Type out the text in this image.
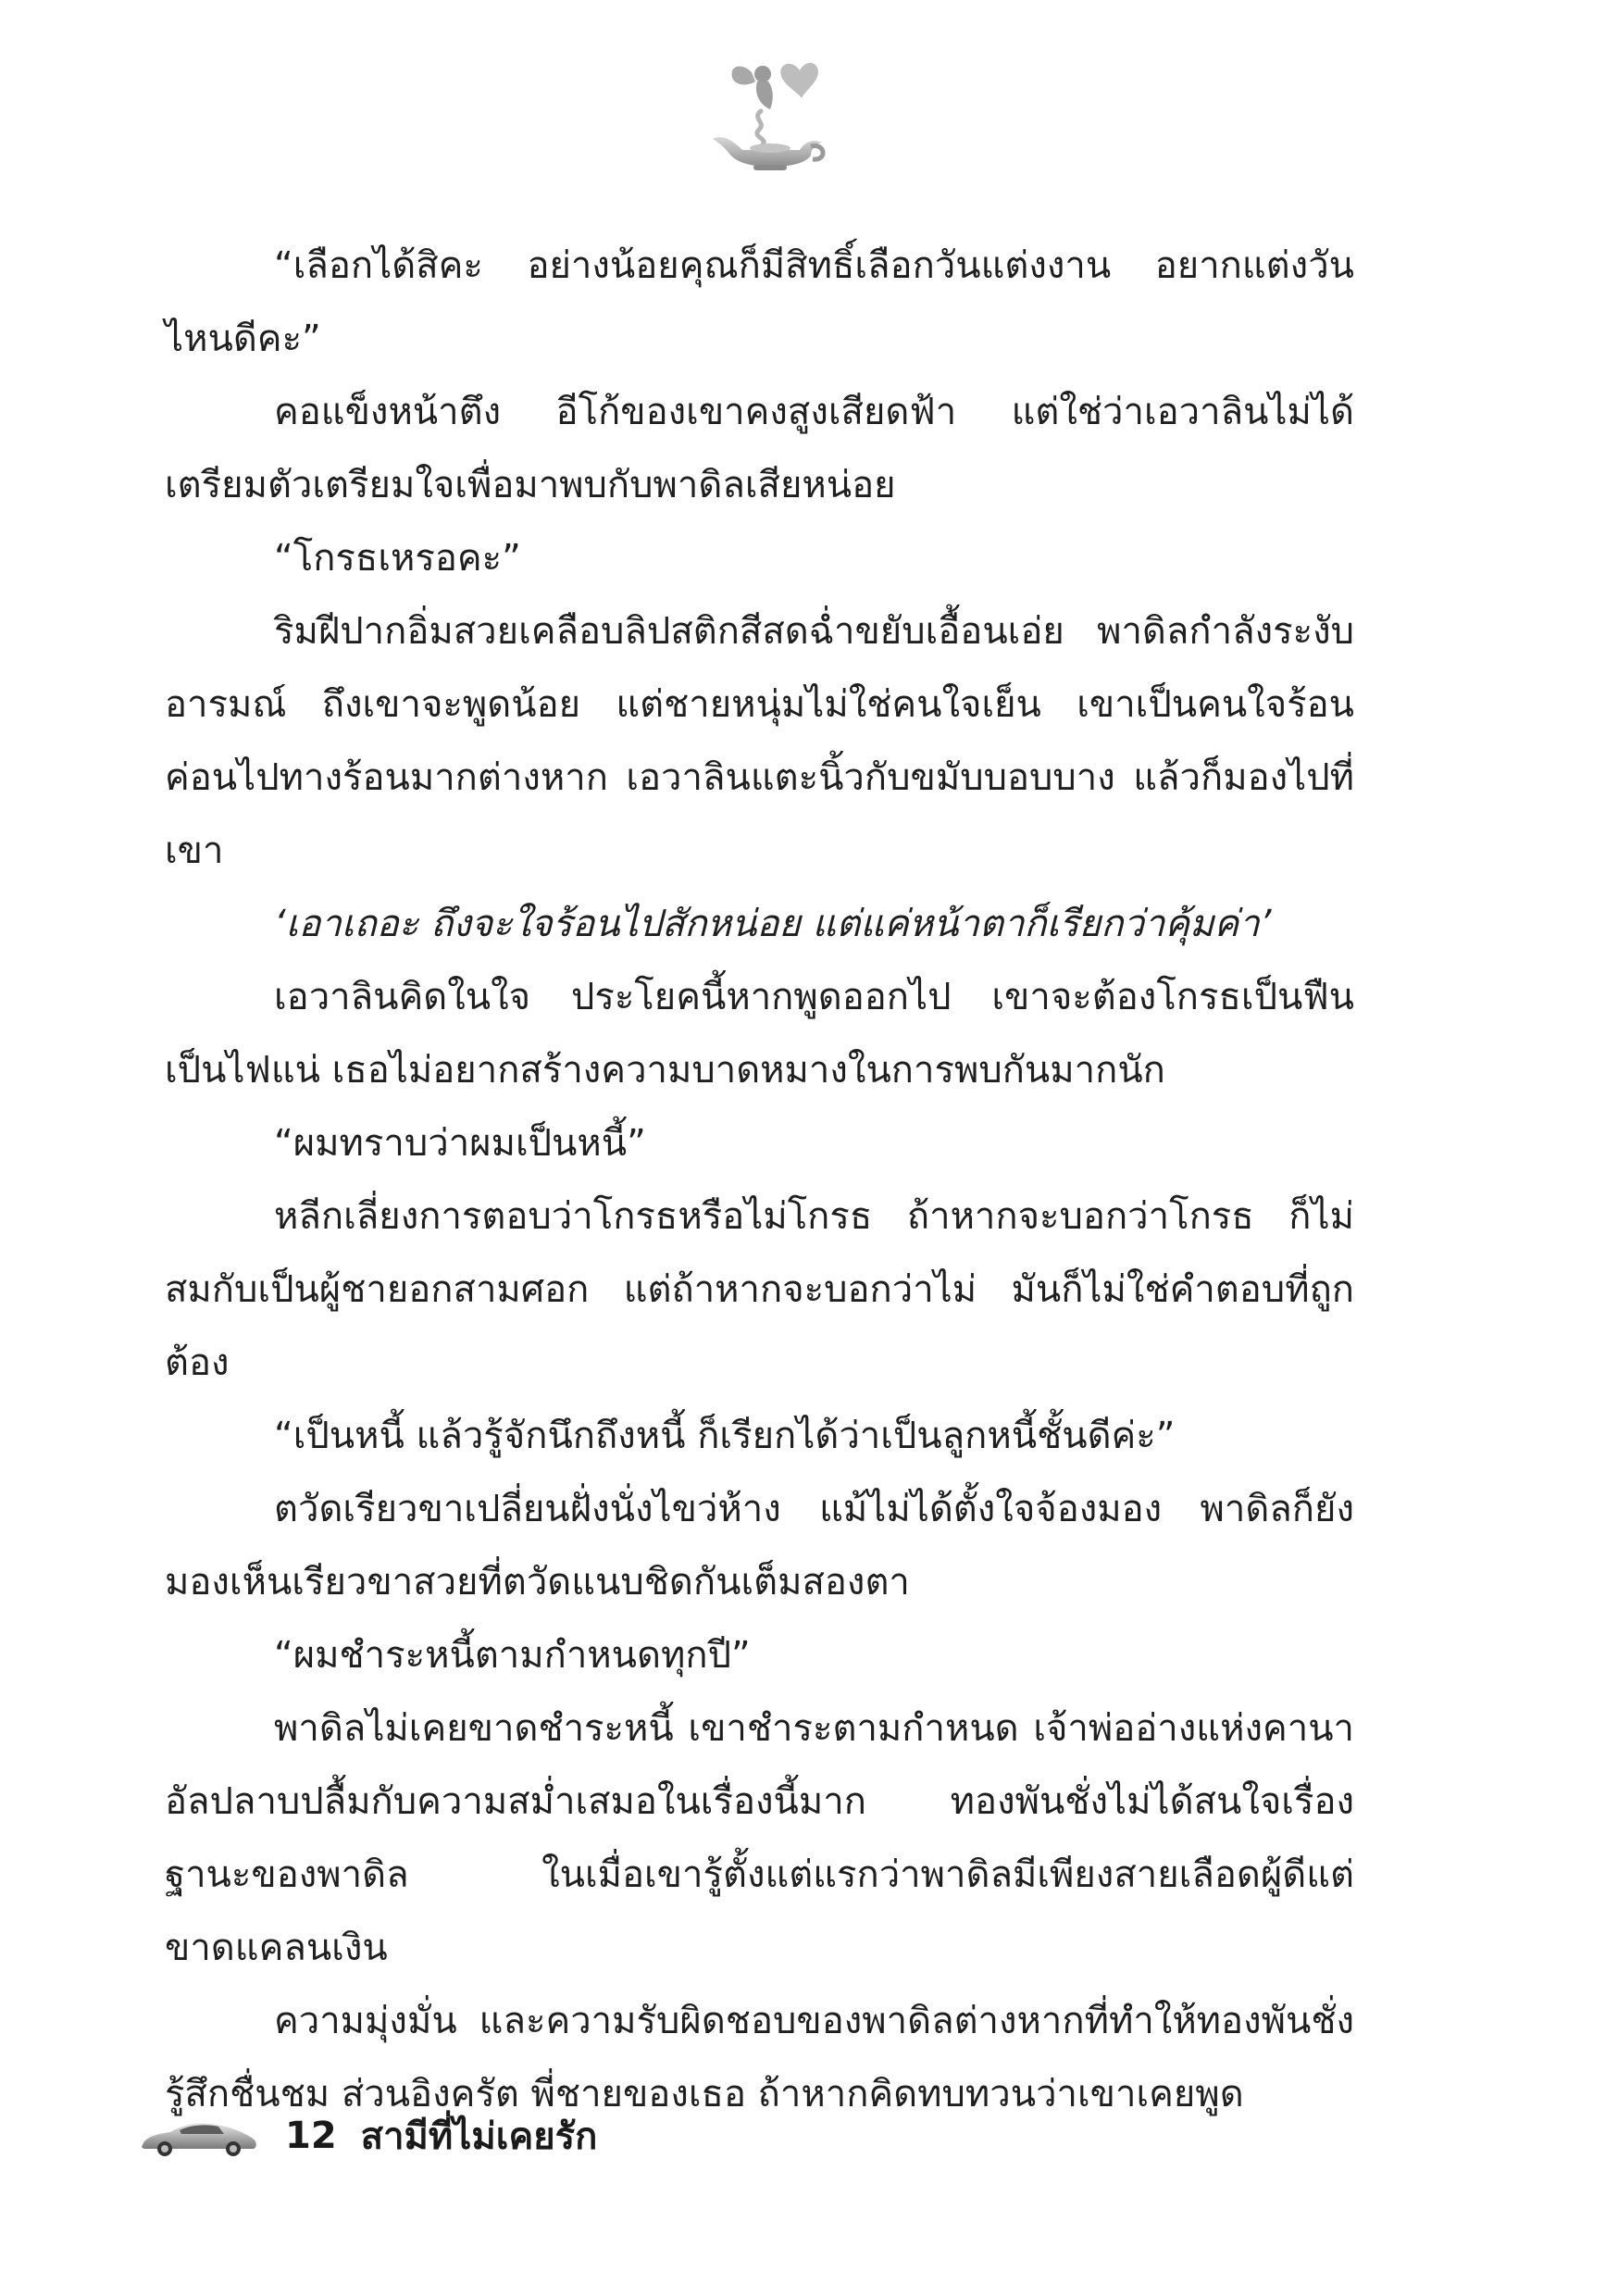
“เลือกได้สิคะ อย่างน้อยคุณก็มีสิทธิ์เลือกวันแต่งงาน อยากแต่งวันไหนดีคะ”

คอแข็งหน้าตึง อีโก้ของเขาคงสูงเสียดฟ้า แต่ใช่ว่าเอวาลินไม่ได้เตรียมตัวเตรียมใจเพื่อมาพบกับพาดิลเสียหน่อย

“โกรธเหรอคะ”

ริมฝีปากอิ่มสวยเคลือบลิปสติกสีสดฉ่ำขยับเอื้อนเอ่ย พาดิลกำลังระงับอารมณ์ ถึงเขาจะพูดน้อย แต่ชายหนุ่มไม่ใช่คนใจเย็น เขาเป็นคนใจร้อนค่อนไปทางร้อนมากต่างหาก เอวาลินแตะนิ้วกับขมับบอบบาง แล้วก็มองไปที่เขา

‘เอาเถอะ ถึงจะใจร้อนไปสักหน่อย แต่แค่หน้าตาก็เรียกว่าคุ้มค่า’

เอวาลินคิดในใจ ประโยคนี้หากพูดออกไป เขาจะต้องโกรธเป็นฟืนเป็นไฟแน่ เธอไม่อยากสร้างความบาดหมางในการพบกันมากนัก

“ผมทราบว่าผมเป็นหนี้”

หลีกเลี่ยงการตอบว่าโกรธหรือไม่โกรธ ถ้าหากจะบอกว่าโกรธ ก็ไม่สมกับเป็นผู้ชายอกสามศอก แต่ถ้าหากจะบอกว่าไม่ มันก็ไม่ใช่คำตอบที่ถูกต้อง

“เป็นหนี้ แล้วรู้จักนึกถึงหนี้ ก็เรียกได้ว่าเป็นลูกหนี้ชั้นดีค่ะ”

ตวัดเรียวขาเปลี่ยนฝั่งนั่งไขว่ห้าง แม้ไม่ได้ตั้งใจจ้องมอง พาดิลก็ยังมองเห็นเรียวขาสวยที่ตวัดแนบชิดกันเต็มสองตา

“ผมชำระหนี้ตามกำหนดทุกปี”

พาดิลไม่เคยขาดชำระหนี้ เขาชำระตามกำหนด เจ้าพ่ออ่างแห่งคานาอัลปลาบปลื้มกับความสม่ำเสมอในเรื่องนี้มาก ทองพันชั่งไม่ได้สนใจเรื่องฐานะของพาดิล ในเมื่อเขารู้ตั้งแต่แรกว่าพาดิลมีเพียงสายเลือดผู้ดีแต่ขาดแคลนเงิน

ความมุ่งมั่น และความรับผิดชอบของพาดิลต่างหากที่ทำให้ทองพันชั่งรู้สึกชื่นชม ส่วนอิงครัต พี่ชายของเธอ ถ้าหากคิดทบทวนว่าเขาเคยพูด

12 สามีที่ไม่เคยรัก
